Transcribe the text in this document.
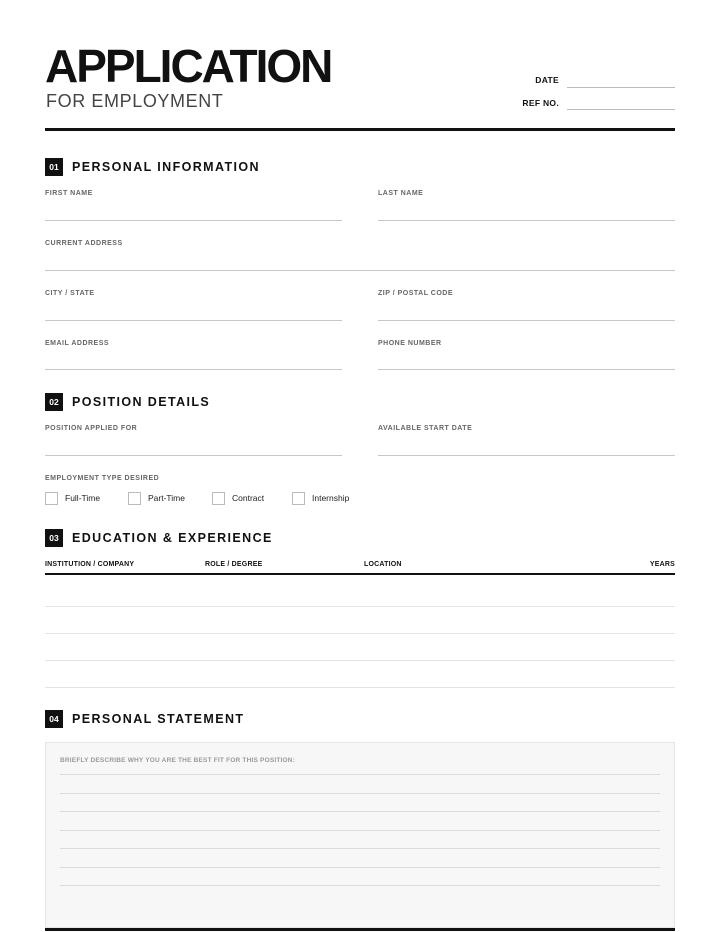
APPLICATION
FOR EMPLOYMENT
DATE
REF NO.
01	PERSONAL INFORMATION
FIRST NAME	LAST NAME
CURRENT ADDRESS
CITY / STATE	ZIP / POSTAL CODE
EMAIL ADDRESS	PHONE NUMBER
02	POSITION DETAILS
POSITION APPLIED FOR	AVAILABLE START DATE
EMPLOYMENT TYPE DESIRED
Full-Time	Part-Time	Contract	Internship
03	EDUCATION & EXPERIENCE
INSTITUTION / COMPANY	ROLE / DEGREE	LOCATION	YEARS
04	PERSONAL STATEMENT
BRIEFLY DESCRIBE WHY YOU ARE THE BEST FIT FOR THIS POSITION:
